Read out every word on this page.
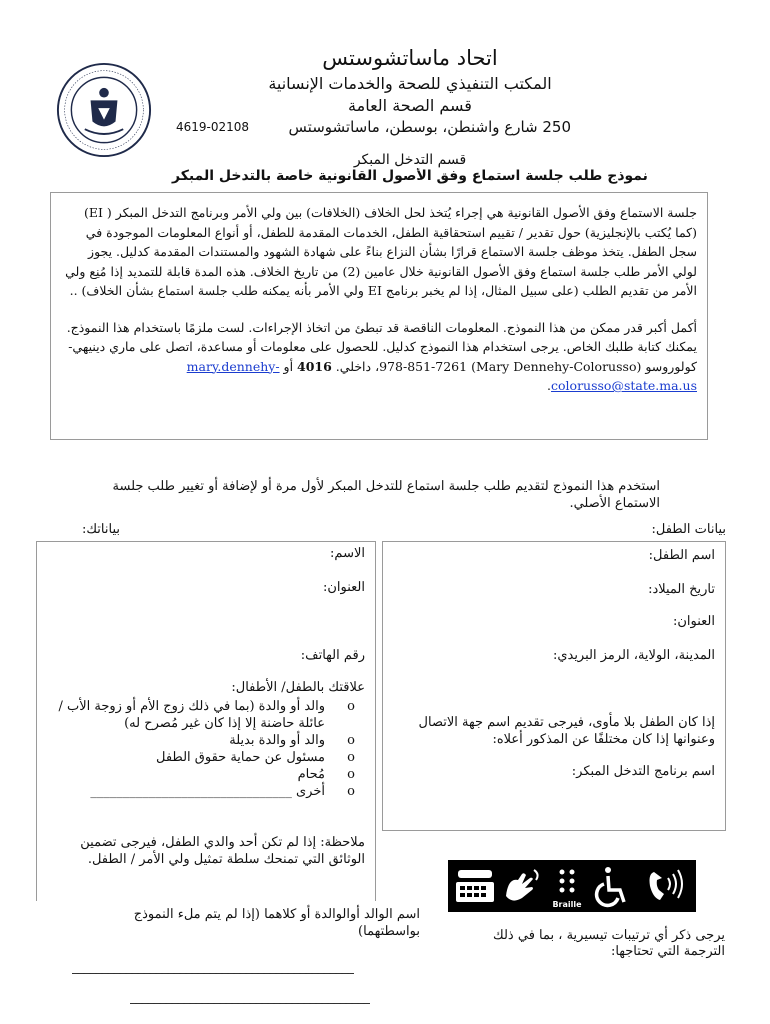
اتحاد ماساتشوستس
المكتب التنفيذي للصحة والخدمات الإنسانية
قسم الصحة العامة
250 شارع واشنطن، بوسطن، ماساتشوستس
4619-02108
قسم التدخل المبكر
نموذج طلب جلسة استماع وفق الأصول القانونية خاصة بالتدخل المبكر

جلسة الاستماع وفق الأصول القانونية هي إجراء يُتخذ لحل الخلاف (الخلافات) بين ولي الأمر وبرنامج التدخل المبكر ( EI) (كما يُكتب بالإنجليزية) حول تقدير / تقييم استحقاقية الطفل، الخدمات المقدمة للطفل، أو أنواع المعلومات الموجودة في سجل الطفل. يتخذ موظف جلسة الاستماع قرارًا بشأن النزاع بناءً على شهادة الشهود والمستندات المقدمة كدليل. يجوز لولي الأمر طلب جلسة استماع وفق الأصول القانونية خلال عامين (2) من تاريخ الخلاف. هذه المدة قابلة للتمديد إذا مُنِع ولي الأمر من تقديم الطلب (على سبيل المثال، إذا لم يخبر برنامج EI ولي الأمر بأنه يمكنه طلب جلسة استماع بشأن الخلاف) ..

أكمل أكبر قدر ممكن من هذا النموذج. المعلومات الناقصة قد تبطئ من اتخاذ الإجراءات. لست ملزمًا باستخدام هذا النموذج. يمكنك كتابة طلبك الخاص. يرجى استخدام هذا النموذج كدليل. للحصول على معلومات أو مساعدة، اتصل على ماري دينيهي- كولوروسو (Mary Dennehy-Colorusso) 978-851-7261، داخلي. 4016 أو mary.dennehy-colorusso@state.ma.us.

استخدم هذا النموذج لتقديم طلب جلسة استماع للتدخل المبكر لأول مرة أو لإضافة أو تغيير طلب جلسة الاستماع الأصلي.
بيانات الطفل:
بياناتك:
اسم الطفل:
تاريخ الميلاد:
العنوان:
المدينة، الولاية، الرمز البريدي:
إذا كان الطفل بلا مأوى، فيرجى تقديم اسم جهة الاتصال وعنوانها إذا كان مختلفًا عن المذكور أعلاه:
اسم برنامج التدخل المبكر:
الاسم:
العنوان:
رقم الهاتف:
علاقتك بالطفل/ الأطفال:
o
والد أو والدة (بما في ذلك زوج الأم أو زوجة الأب / عائلة حاضنة إلا إذا كان غير مُصرح له)
o
والد أو والدة بديلة
o
مسئول عن حماية حقوق الطفل
o
مُحام
o
أخرى _______________________________
ملاحظة: إذا لم تكن أحد والدي الطفل، فيرجى تضمين الوثائق التي تمنحك سلطة تمثيل ولي الأمر / الطفل.
Braille
يرجى ذكر أي ترتيبات تيسيرية ، بما في ذلك الترجمة التي تحتاجها:
اسم الوالد أوالوالدة أو كلاهما (إذا لم يتم ملء النموذج بواسطتهما)
_______________________________________________
________________________________________
